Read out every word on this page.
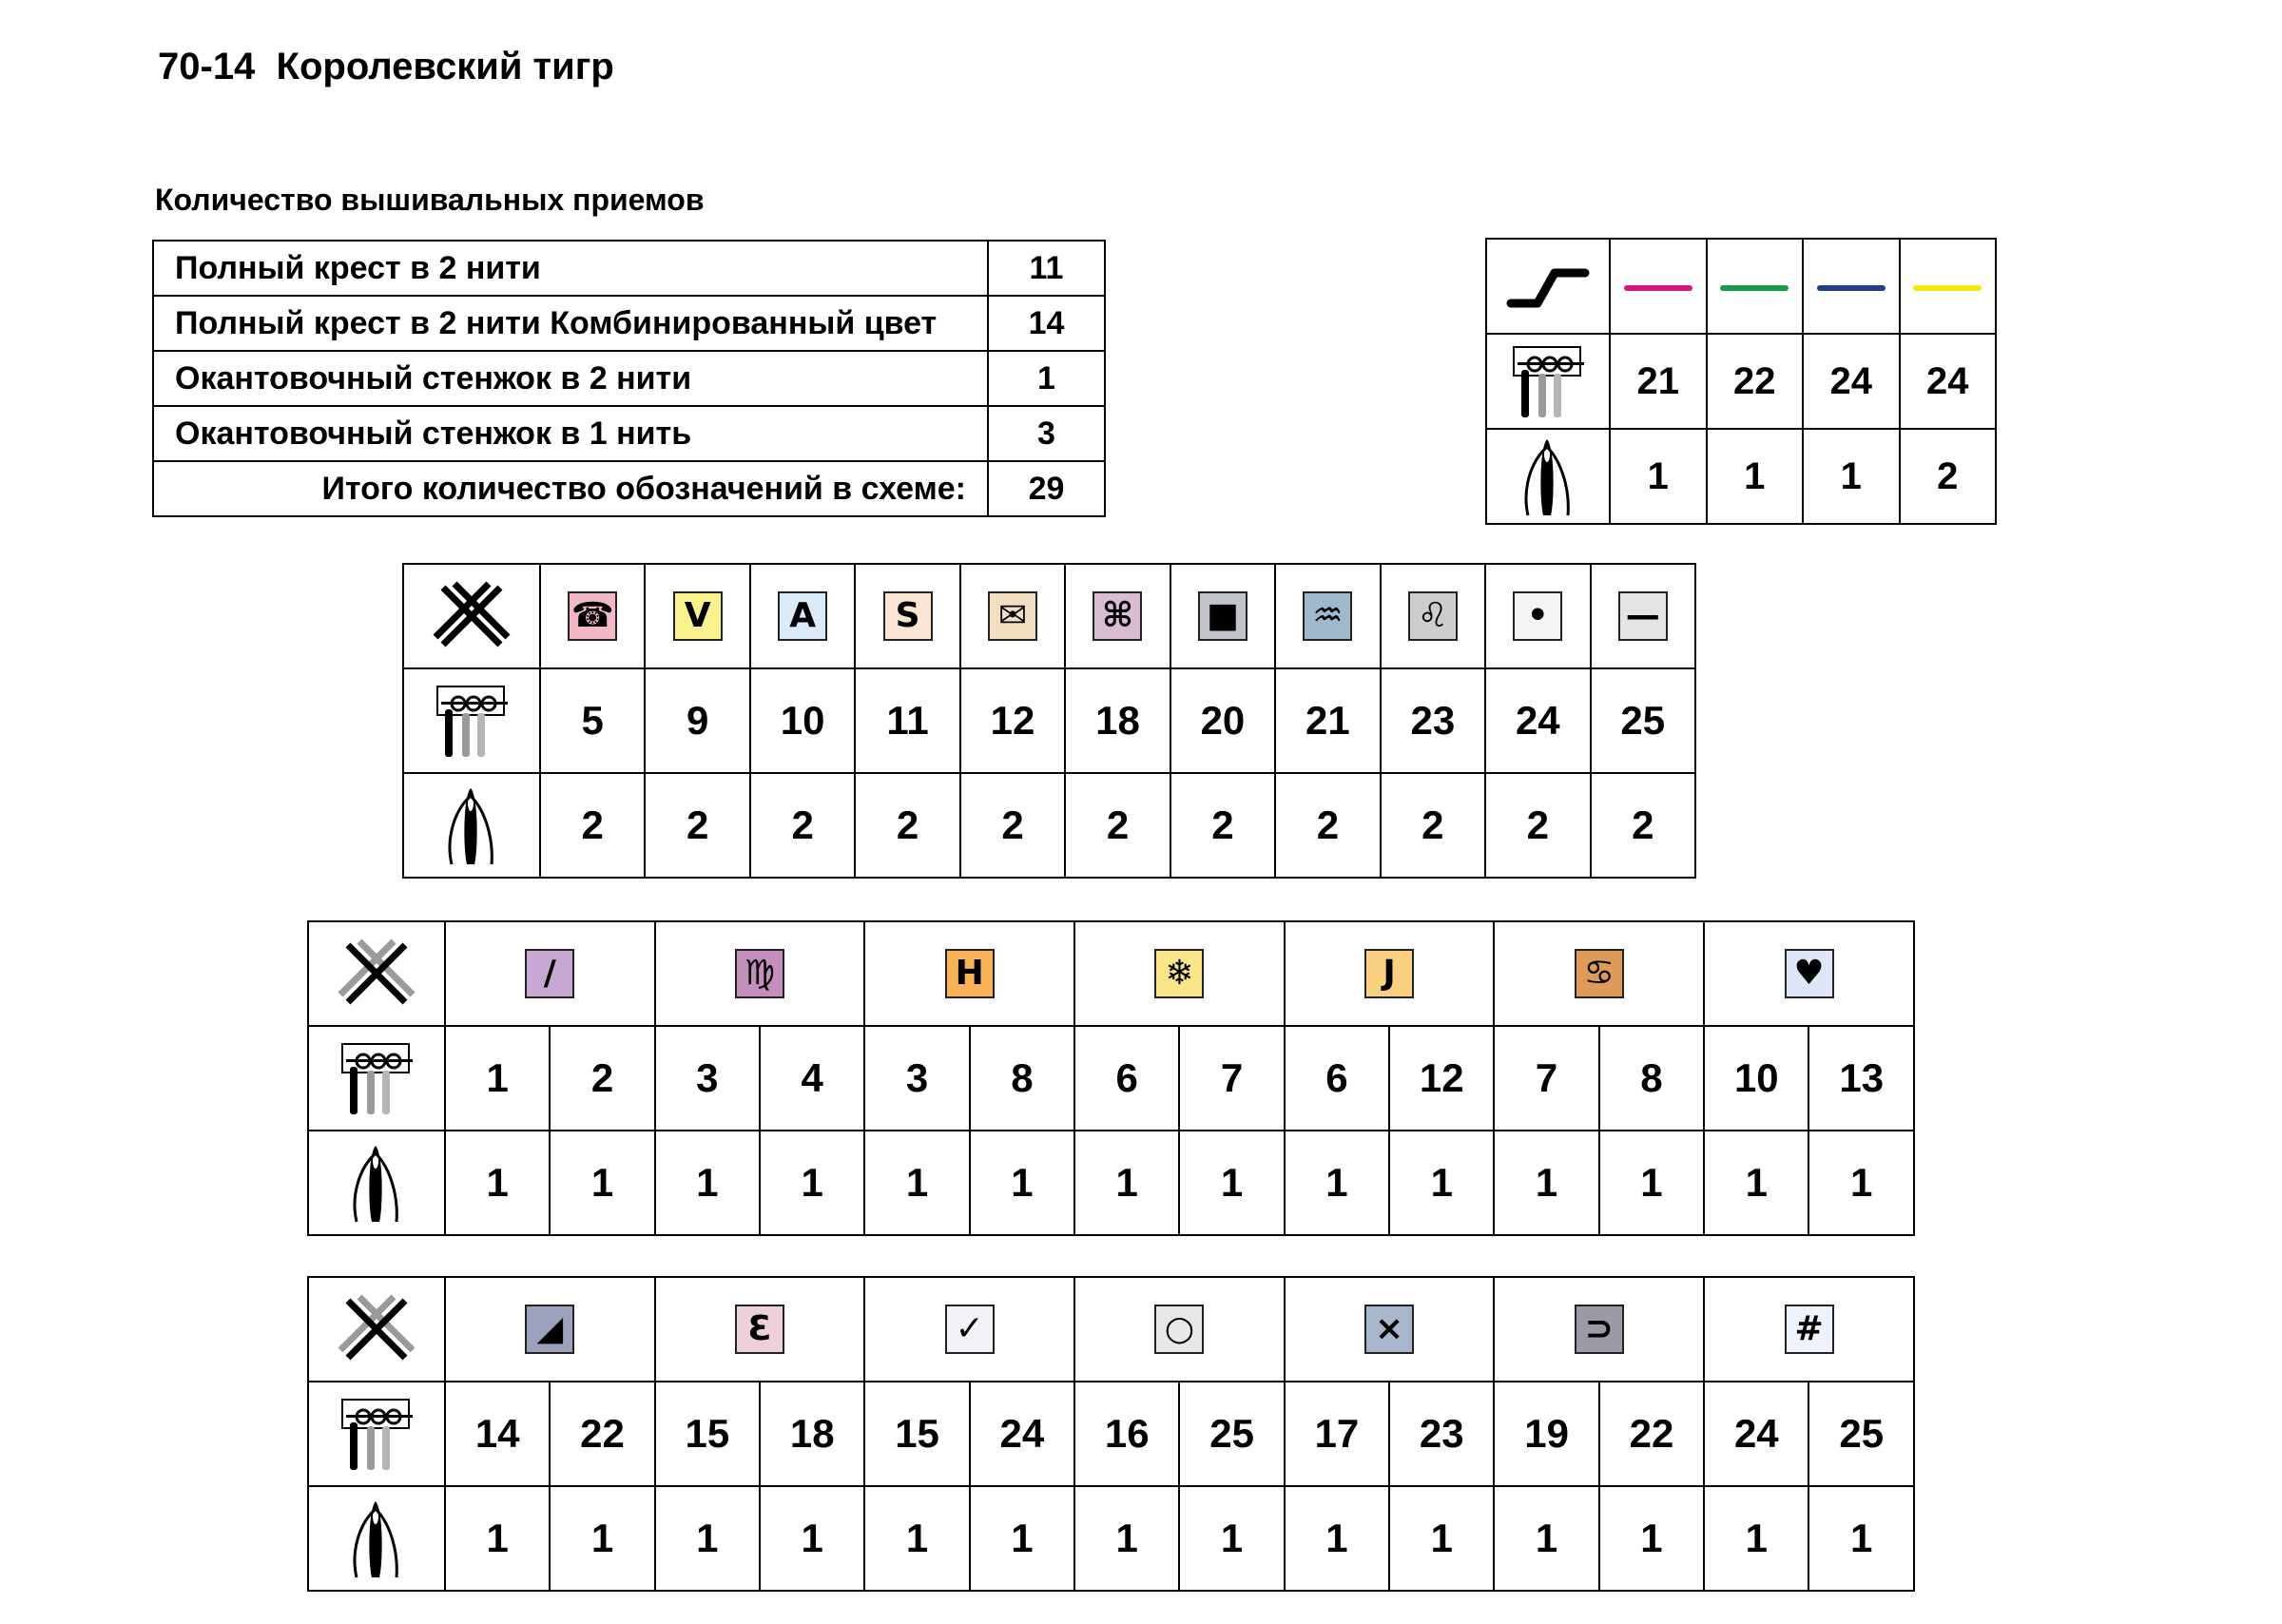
70-14  Королевский тигр
Количество вышивальных приемов
Полный крест в 2 нити	11
Полный крест в 2 нити Комбинированный цвет	14
Окантовочный стенжок в 2 нити	1
Окантовочный стенжок в 1 нить	3
Итого количество обозначений в схеме:	29

	21	22	24	24

	1	1	1	2
	☎	V	A	S	✉	⌘	■	♒	♌	•	—

	5	9	10	11	12	18	20	21	23	24	25

	2	2	2	2	2	2	2	2	2	2	2
	/		♍		H		❄		J		♋		♥	

	1	2	3	4	3	8	6	7	6	12	7	8	10	13

	1	1	1	1	1	1	1	1	1	1	1	1	1	1
	◢		Ɛ		✓		○		×		⊃		#	

	14	22	15	18	15	24	16	25	17	23	19	22	24	25

	1	1	1	1	1	1	1	1	1	1	1	1	1	1
